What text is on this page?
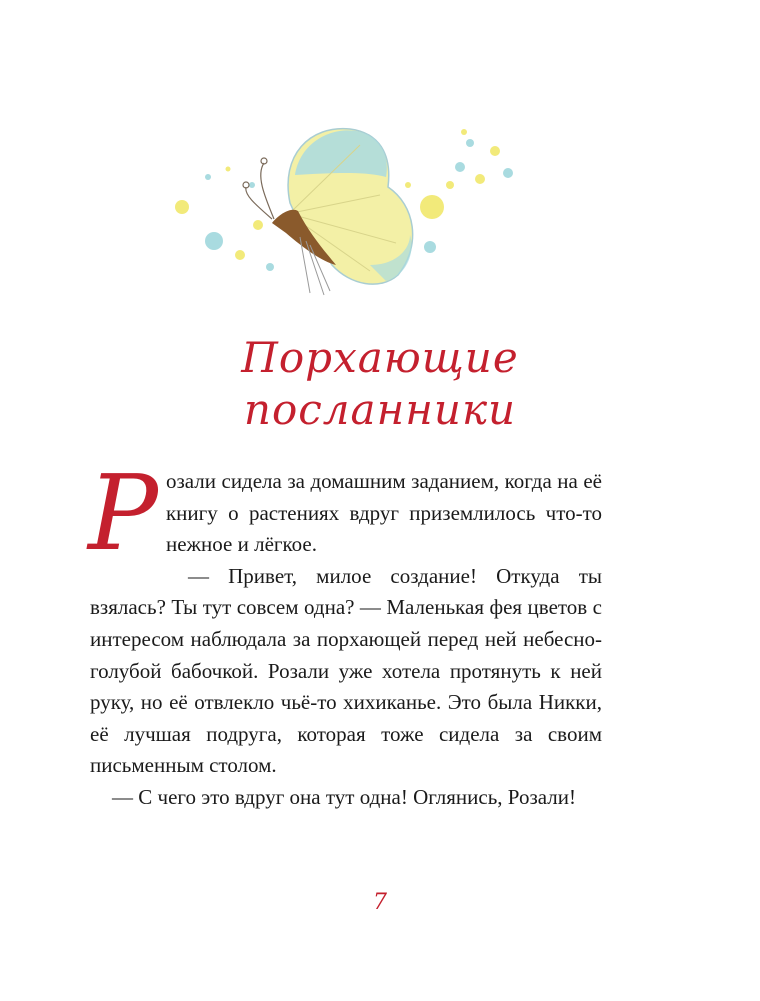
Порхающие
посланники

Розали сидела за домашним заданием, когда на её книгу о растениях вдруг приземлилось что-то нежное и лёгкое.

— Привет, милое создание! Откуда ты взялась? Ты тут совсем одна? — Маленькая фея цветов с интересом наблюдала за порхающей перед ней небесно-голубой бабочкой. Розали уже хотела протянуть к ней руку, но её отвлекло чьё-то хихиканье. Это была Никки, её лучшая подруга, которая тоже сидела за своим письменным столом.

— С чего это вдруг она тут одна! Оглянись, Розали!

7
